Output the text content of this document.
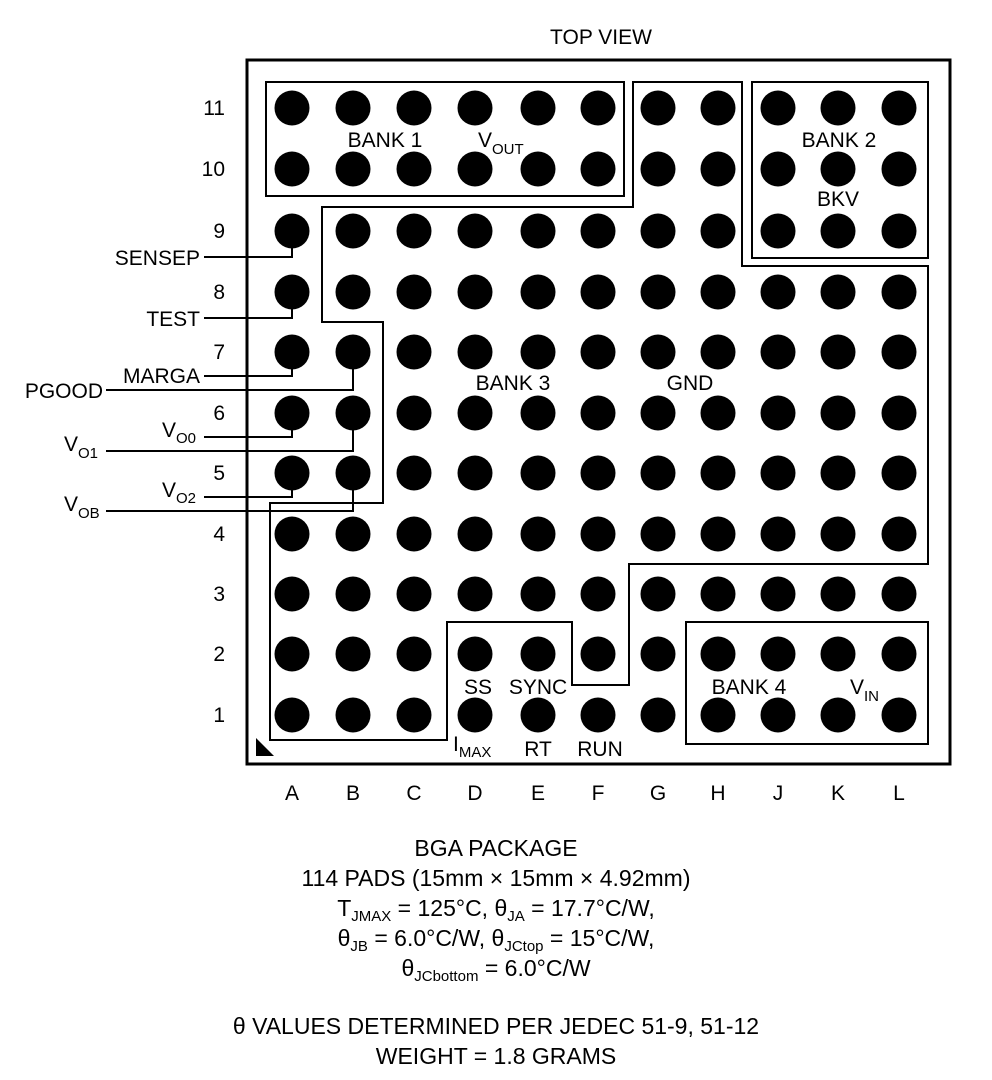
TOP VIEW
A B C D E F G H J K L
11
10
9
8
7
6
5
4
3
2
1
BANK 1	$V_{OUT}$	BANK 2
BKV
BANK 3	GND
BANK 4	$V_{IN}$
SENSEP
TEST
MARGA
PGOOD
$V_{O0}$
$V_{O1}$
$V_{O2}$
$V_{OB}$
SS SYNC
$I_{MAX}$ RT RUN
BGA PACKAGE
114 PADS (15mm × 15mm × 4.92mm)
$T_{JMAX} = 125^\circ C$, $\theta_{JA} = 17.7^\circ C/W$,
$\theta_{JB} = 6.0^\circ C/W$, $\theta_{JCtop} = 15^\circ C/W$,
$\theta_{JCbottom} = 6.0^\circ C/W$
θ VALUES DETERMINED PER JEDEC 51-9, 51-12
WEIGHT = 1.8 GRAMS
